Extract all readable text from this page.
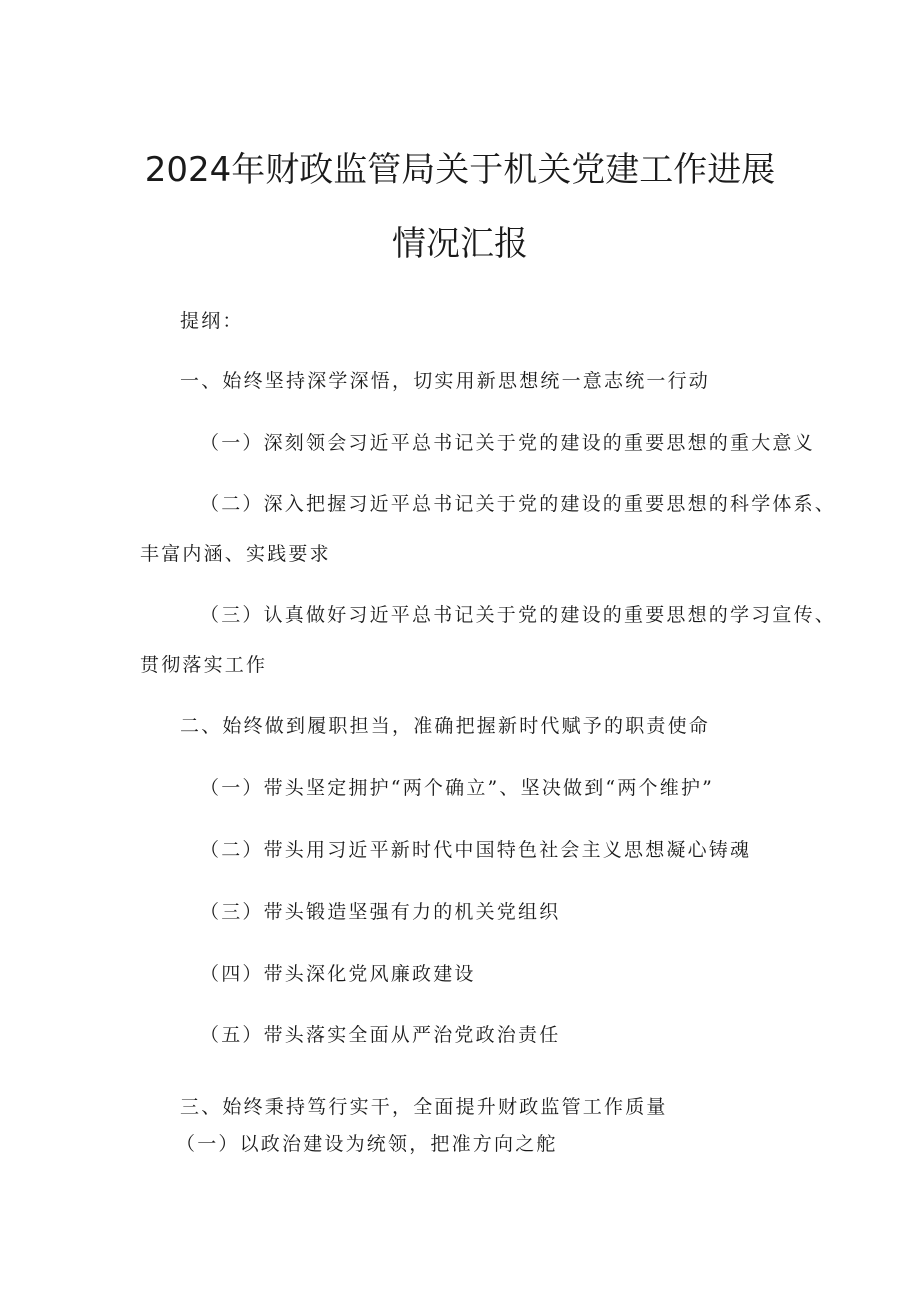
2024年财政监管局关于机关党建工作进展
情况汇报

提纲：

一、始终坚持深学深悟，切实用新思想统一意志统一行动

（一）深刻领会习近平总书记关于党的建设的重要思想的重大意义

（二）深入把握习近平总书记关于党的建设的重要思想的科学体系、

丰富内涵、实践要求

（三）认真做好习近平总书记关于党的建设的重要思想的学习宣传、

贯彻落实工作

二、始终做到履职担当，准确把握新时代赋予的职责使命

（一）带头坚定拥护“两个确立”、坚决做到“两个维护”

（二）带头用习近平新时代中国特色社会主义思想凝心铸魂

（三）带头锻造坚强有力的机关党组织

（四）带头深化党风廉政建设

（五）带头落实全面从严治党政治责任

三、始终秉持笃行实干，全面提升财政监管工作质量

（一）以政治建设为统领，把准方向之舵
